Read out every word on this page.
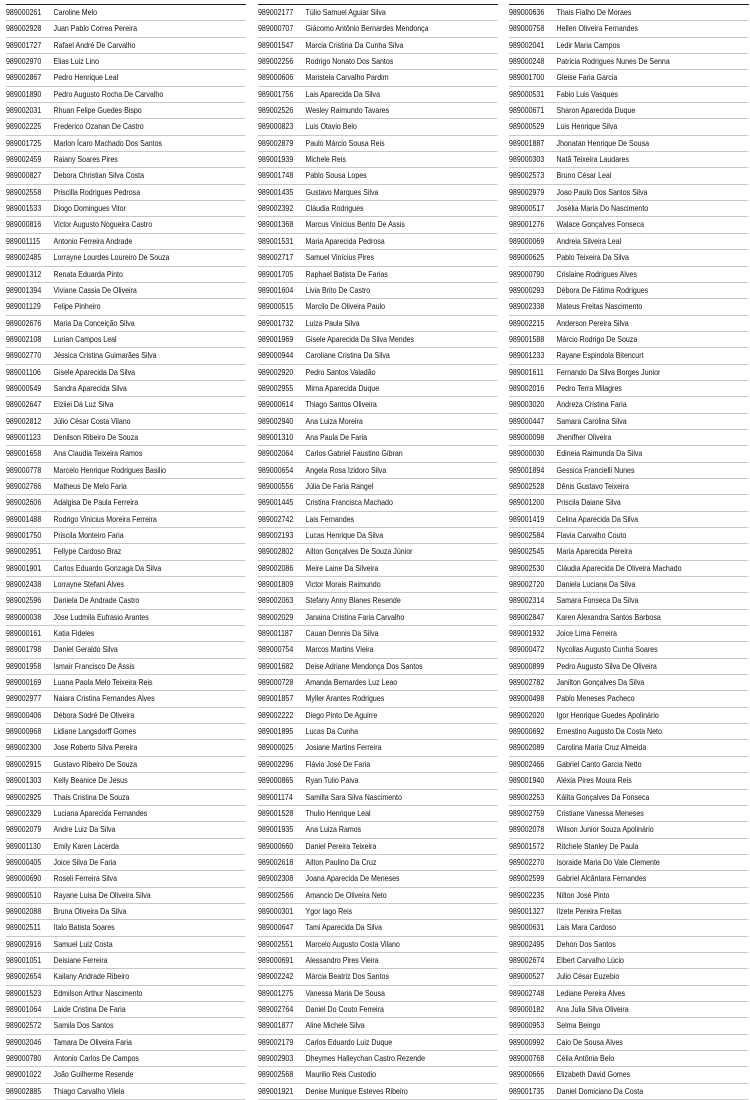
989000261 Caroline Melo
989002928 Juan Pablo Correa Pereira
989001727 Rafael André De Carvalho
989002970 Elias Luiz Lino
989002867 Pedro Henrique Leal
989001890 Pedro Augusto Rocha De Carvalho
989002031 Rhuan Felipe Guedes Bispo
989002225 Frederico Ozanan De Castro
989001725 Marlon Ícaro Machado Dos Santos
989002459 Raiany Soares Pires
989000827 Debora Christian Silva Costa
989002558 Priscilla Rodrigues Pedrosa
989001533 Diogo Domingues Vitor
989000816 Victor Augusto Nogueira Castro
989001115 Antonio Ferreira Andrade
989002485 Lorrayne Lourdes Loureiro De Souza
989001312 Renata Eduarda Pinto
989001394 Viviane Cassia De Oliveira
989001129 Felipe Pinheiro
989002676 Maria Da Conceição Silva
989002108 Lurian Campos Leal
989002770 Jéssica Cristina Guimarães Silva
989001106 Gisele Aparecida Da Silva
989000549 Sandra Aparecida Silva
989002647 Elziiei Dá Luz Silva
989002812 Júlio César Costa Vilano
989001123 Denilson Ribeiro De Souza
989001658 Ana Claudia Teixeira Ramos
989000778 Marcelo Henrique Rodrigues Basilio
989002766 Matheus De Melo Faria
989002606 Adalgisa De Paula Ferreira
989001488 Rodrigo Vinicius Moreira Ferreira
989001750 Priscila Monteiro Faria
989002951 Fellype Cardoso Braz
989001901 Carlos Eduardo Gonzaga Da Silva
989002438 Lorrayne Stefani Alves
989002596 Daniela De Andrade Castro
989000038 Jöse Ludmila Eufrasio Arantes
989000161 Katia Fideles
989001798 Daniel Geraldo Silva
989001958 Ismair Francisco De Assis
989000169 Luana Paola Melo Teixeira Reis
989002977 Naiara Cristina Fernandes Alves
989000406 Débora Sodré De Oliveira
989000968 Lidiane Langsdorff Gomes
989002300 Jose Roberto Silva Pereira
989002915 Gustavo Ribeiro De Souza
989001303 Kelly Beanice De Jesus
989002925 Thais Cristina De Souza
989002329 Luciana Aparecida Fernandes
989002079 Andre Luiz Da Silva
989001130 Emily Karen Lacerda
989000405 Joice Silva De Faria
989000690 Roseli Ferreira Silva
989000510 Rayane Luisa De Oliveira Silva
989002088 Bruna Oliveira Da Silva
989002511 Italo Batista Soares
989002916 Samuel Luiz Costa
989001051 Deisiane Ferreira
989002654 Kailany Andrade Ribeiro
989001523 Edmilson Arthur Nascimento
989001064 Laide Cristina De Faria
989002572 Samila Dos Santos
989002046 Tamara De Oliveira Faria
989000780 Antonio Carlos De Campos
989001022 João Guilherme Resende
989002885 Thiago Carvalho Vilela
989002177 Túlio Samuel Aguiar Silva
989000707 Giácomo Antônio Bernardes Mendonça
989001547 Marcia Cristina Da Cunha Silva
989002256 Rodrigo Nonato Dos Santos
989000606 Maristela Carvalho Pardim
989001756 Lais Aparecida Da Silva
989002526 Wesley Raimundo Tavares
989000823 Luis Otavio Belo
989002879 Paulo Márcio Sousa Reis
989001939 Michele Reis
989001748 Pablo Sousa Lopes
989001435 Gustavo Marques Silva
989002392 Cláudia Rodrigues
989001368 Marcus Vinícius Bento De Assis
989001531 Maria Aparecida Pedrosa
989002717 Samuel Vinícius Pires
989001705 Raphael Batista De Farias
989001604 Livia Brito De Castro
989000515 Marcilo De Oliveira Paulo
989001732 Luiza Paula Silva
989001969 Gisele Aparecida Da Silva Mendes
989000944 Caroliane Cristina Da Silva
989002920 Pedro Santos Valadão
989002955 Mirna Aparecida Duque
989000614 Thiago Santos Oliveira
989002940 Ana Luiza Moreira
989001310 Ana Paula De Faria
989002064 Carlos Gabriel Faustino Gibran
989000654 Angela Rosa Izidoro Silva
989000556 Júlia De Faria Rangel
989001445 Cristina Francisca Machado
989002742 Lais Fernandes
989002193 Lucas Henrique Da Silva
989002802 Ailton Gonçalves De Souza Júnior
989002086 Meire Laine Da Silveira
989001809 Victor Morais Raimundo
989002063 Stefany Anny Blanes Resende
989002029 Janaina Cristina Faria Carvalho
989001187 Cauan Dennis Da Silva
989000754 Marcos Martins Vieira
989001682 Deise Adriane Mendonça Dos Santos
989000728 Amanda Bernardes Luz Leao
989001857 Myller Arantes Rodrigues
989002222 Diego Pinto De Aguirre
989001895 Lucas Da Cunha
989000025 Josiane Martins Ferreira
989002296 Flávio José De Faria
989000865 Ryan Tulio Paiva
989001174 Samilla Sara Silva Nascimento
989001528 Thulio Henrique Leal
989001935 Ana Luiza Ramos
989000660 Daniel Pereira Teixeira
989002618 Ailton Paulino Da Cruz
989002308 Joana Aparecida De Meneses
989002566 Amancio De Oliveira Neto
989000301 Ygor Iago Reis
989000647 Tami Aparecida Da Silva
989002551 Marcelo Augusto Costa Vilano
989000691 Alessandro Pires Vieira
989002242 Márcia Beatriz Dos Santos
989001275 Vanessa Maria De Sousa
989002764 Daniel Do Couto Ferreira
989001877 Aline Michele Silva
989002179 Carlos Eduardo Luiz Duque
989002903 Dheymes Halleychan Castro Rezende
989002568 Maurilio Reis Custodio
989001921 Denise Munique Esteves Ribeiro
989000636 Thais Fialho De Moraes
989000758 Hellen Oliveira Fernandes
989002041 Ledir Maria Campos
989000248 Patricia Rodrigues Nunes De Senna
989001700 Gleise Faria Garcia
989000531 Fabio Luis Vasques
989000671 Sharon Aparecida Duque
989000529 Luis Henrique Silva
989001887 Jhonatan Henrique De Sousa
989000303 Natã Teixeira Laudares
989002573 Bruno César Leal
989002979 Joao Paulo Dos Santos Silva
989000517 Josélia Maria Do Nascimento
989001276 Walace Gonçalves Fonseca
989000069 Andreia Silveira Leal
989000625 Pablo Teixeira Da Silva
989000790 Crislaine Rodrigues Alves
989000293 Débora De Fátima Rodrigues
989002338 Mateus Freitas Nascimento
989002215 Anderson Pereira Silva
989001588 Márcio Rodrigo De Souza
989001233 Rayane Espindola Bitencurt
989001611 Fernando Da Silva Borges Junior
989002016 Pedro Terra Milagres
989003020 Andreza Cristina Faria
989000447 Samara Carolina Silva
989000098 Jhenifher Oliveira
989000030 Edineia Raimunda Da Silva
989001894 Gessica Francielli Nunes
989002528 Dênis Gustavo Teixeira
989001200 Priscila Daiane Silva
989001419 Celina Aparecida Da Silva
989002584 Flavia Carvalho Couto
989002545 Maria Aparecida Pereira
989002530 Cláudia Aparecida De Oliveira Machado
989002720 Daniela Luciana Da Silva
989002314 Samara Fonseca Da Silva
989002847 Karen Alexandra Santos Barbosa
989001932 Joice Lima Ferreira
989000472 Nycollas Augusto Cunha Soares
989000899 Pedro Augusto Silva De Oliveira
989002782 Janilton Gonçalves Da Silva
989000498 Pablo Meneses Pacheco
989002020 Igor Henrique Guedes Apolinário
989000692 Ernestino Augusto Da Costa Neto
989002089 Carolina Maria Cruz Almeida
989002466 Gabriel Canto Garcia Netto
989001940 Aléxia Pires Moura Reis
989002253 Kálita Gonçalves Da Fonseca
989002759 Cristiane Vanessa Meneses
989002078 Wilson Junior Souza Apolinário
989001572 Ritchele Stanley De Paula
989002270 Isoraide Maria Do Vale Clemente
989002599 Gabriel Alcântara Fernandes
989002235 Nilton José Pinto
989001327 Ilzete Pereira Freitas
989000631 Lais Mara Cardoso
989002495 Dehon Dos Santos
989002674 Elbert Carvalho Lúcio
989000527 Julio César Euzebio
989002748 Lediane Pereira Alves
989000182 Ana Julia Silva Oliveira
989000953 Selma Beingo
989000992 Caio De Sousa Alves
989000768 Célia Antônia Belo
989000666 Elizabeth David Gomes
989001735 Daniel Domiciano Da Costa
